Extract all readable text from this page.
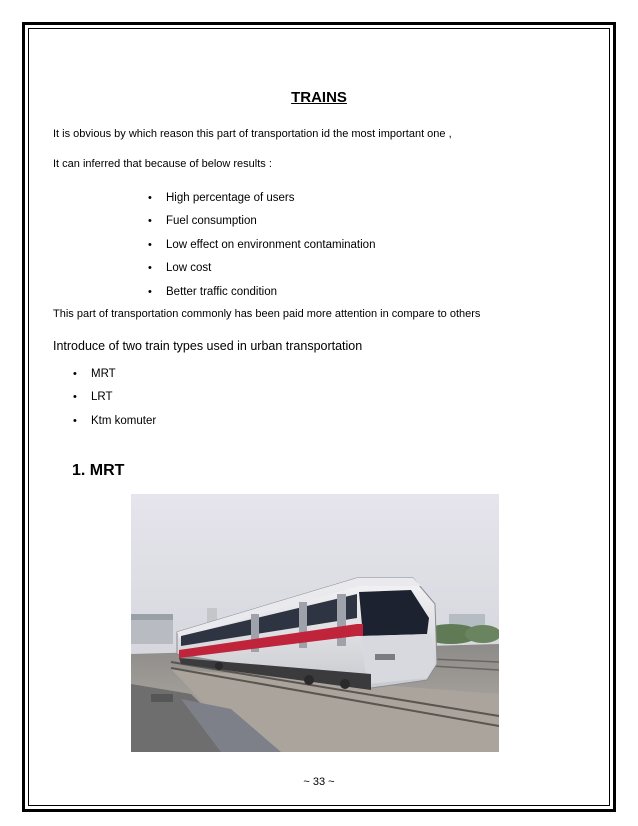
TRAINS
It is obvious by which reason this part of transportation id the most important one ,
It can inferred that because of below results :
• High percentage of users
• Fuel consumption
• Low effect on environment contamination
• Low cost
• Better traffic condition
This part of transportation commonly has been paid more attention in compare to others
Introduce of two train types used in urban transportation
• MRT
• LRT
• Ktm komuter
1. MRT
~ 33 ~
